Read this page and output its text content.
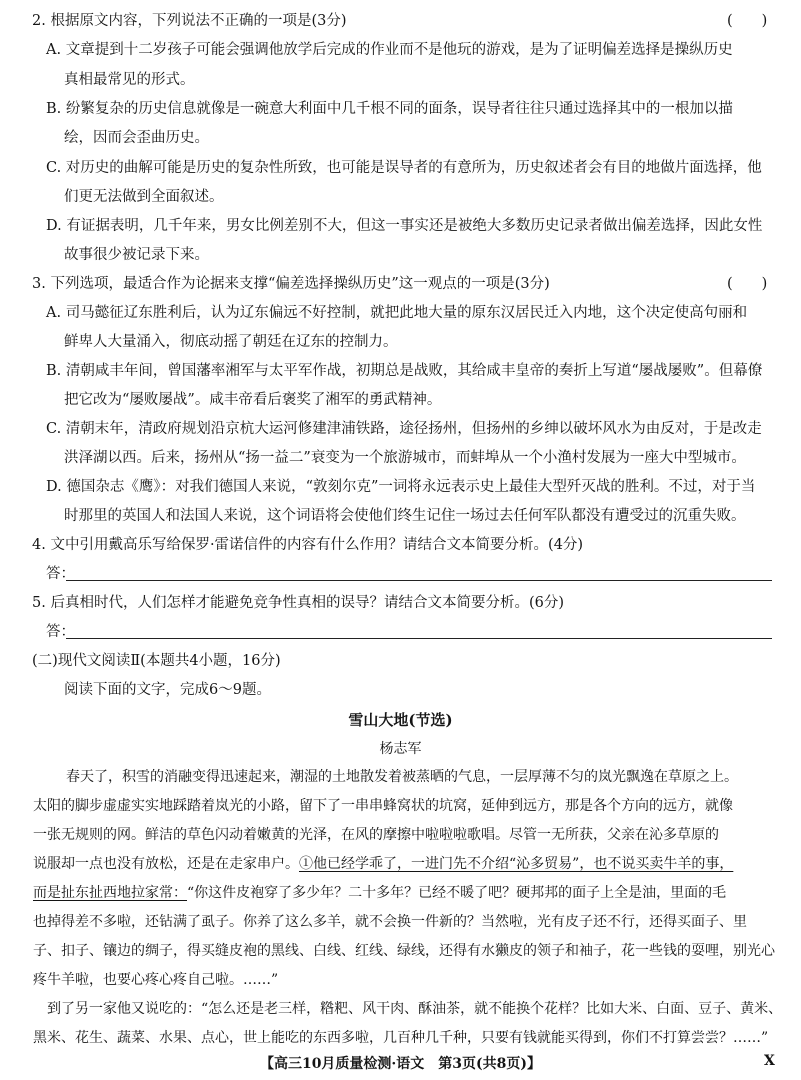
2. 根据原文内容，下列说法不正确的一项是(3分)	(　　)
A. 文章提到十二岁孩子可能会强调他放学后完成的作业而不是他玩的游戏，是为了证明偏差选择是操纵历史
真相最常见的形式。
B. 纷繁复杂的历史信息就像是一碗意大利面中几千根不同的面条，误导者往往只通过选择其中的一根加以描
绘，因而会歪曲历史。
C. 对历史的曲解可能是历史的复杂性所致，也可能是误导者的有意所为，历史叙述者会有目的地做片面选择，他
们更无法做到全面叙述。
D. 有证据表明，几千年来，男女比例差别不大，但这一事实还是被绝大多数历史记录者做出偏差选择，因此女性
故事很少被记录下来。
3. 下列选项，最适合作为论据来支撑“偏差选择操纵历史”这一观点的一项是(3分)	(　　)
A. 司马懿征辽东胜利后，认为辽东偏远不好控制，就把此地大量的原东汉居民迁入内地，这个决定使高句丽和
鲜卑人大量涌入，彻底动摇了朝廷在辽东的控制力。
B. 清朝咸丰年间，曾国藩率湘军与太平军作战，初期总是战败，其给咸丰皇帝的奏折上写道“屡战屡败”。但幕僚
把它改为“屡败屡战”。咸丰帝看后褒奖了湘军的勇武精神。
C. 清朝末年，清政府规划沿京杭大运河修建津浦铁路，途径扬州，但扬州的乡绅以破坏风水为由反对，于是改走
洪泽湖以西。后来，扬州从“扬一益二”衰变为一个旅游城市，而蚌埠从一个小渔村发展为一座大中型城市。
D. 德国杂志《鹰》：对我们德国人来说，“敦刻尔克”一词将永远表示史上最佳大型歼灭战的胜利。不过，对于当
时那里的英国人和法国人来说，这个词语将会使他们终生记住一场过去任何军队都没有遭受过的沉重失败。
4. 文中引用戴高乐写给保罗·雷诺信件的内容有什么作用？请结合文本简要分析。(4分)
答：
5. 后真相时代，人们怎样才能避免竞争性真相的误导？请结合文本简要分析。(6分)
答：
(二)现代文阅读Ⅱ(本题共4小题，16分)
阅读下面的文字，完成6～9题。
雪山大地(节选)
杨志军
春天了，积雪的消融变得迅速起来，潮湿的土地散发着被蒸晒的气息，一层厚薄不匀的岚光飘逸在草原之上。
太阳的脚步虚虚实实地踩踏着岚光的小路，留下了一串串蜂窝状的坑窝，延伸到远方，那是各个方向的远方，就像
一张无规则的网。鲜洁的草色闪动着嫩黄的光泽，在风的摩擦中啦啦啦歌唱。尽管一无所获，父亲在沁多草原的
说服却一点也没有放松，还是在走家串户。①他已经学乖了，一进门先不介绍“沁多贸易”，也不说买卖牛羊的事，
而是扯东扯西地拉家常：“你这件皮袍穿了多少年？二十多年？已经不暖了吧？硬邦邦的面子上全是油，里面的毛
也掉得差不多啦，还钻满了虱子。你养了这么多羊，就不会换一件新的？当然啦，光有皮子还不行，还得买面子、里
子、扣子、镶边的绸子，得买缝皮袍的黑线、白线、红线、绿线，还得有水獭皮的领子和袖子，花一些钱的耍哩，别光心
疼牛羊啦，也要心疼心疼自己啦。……”
到了另一家他又说吃的：“怎么还是老三样，糌粑、风干肉、酥油茶，就不能换个花样？比如大米、白面、豆子、黄米、
黑米、花生、蔬菜、水果、点心，世上能吃的东西多啦，几百种几千种，只要有钱就能买得到，你们不打算尝尝？……”
【高三10月质量检测·语文　第3页(共8页)】	X
